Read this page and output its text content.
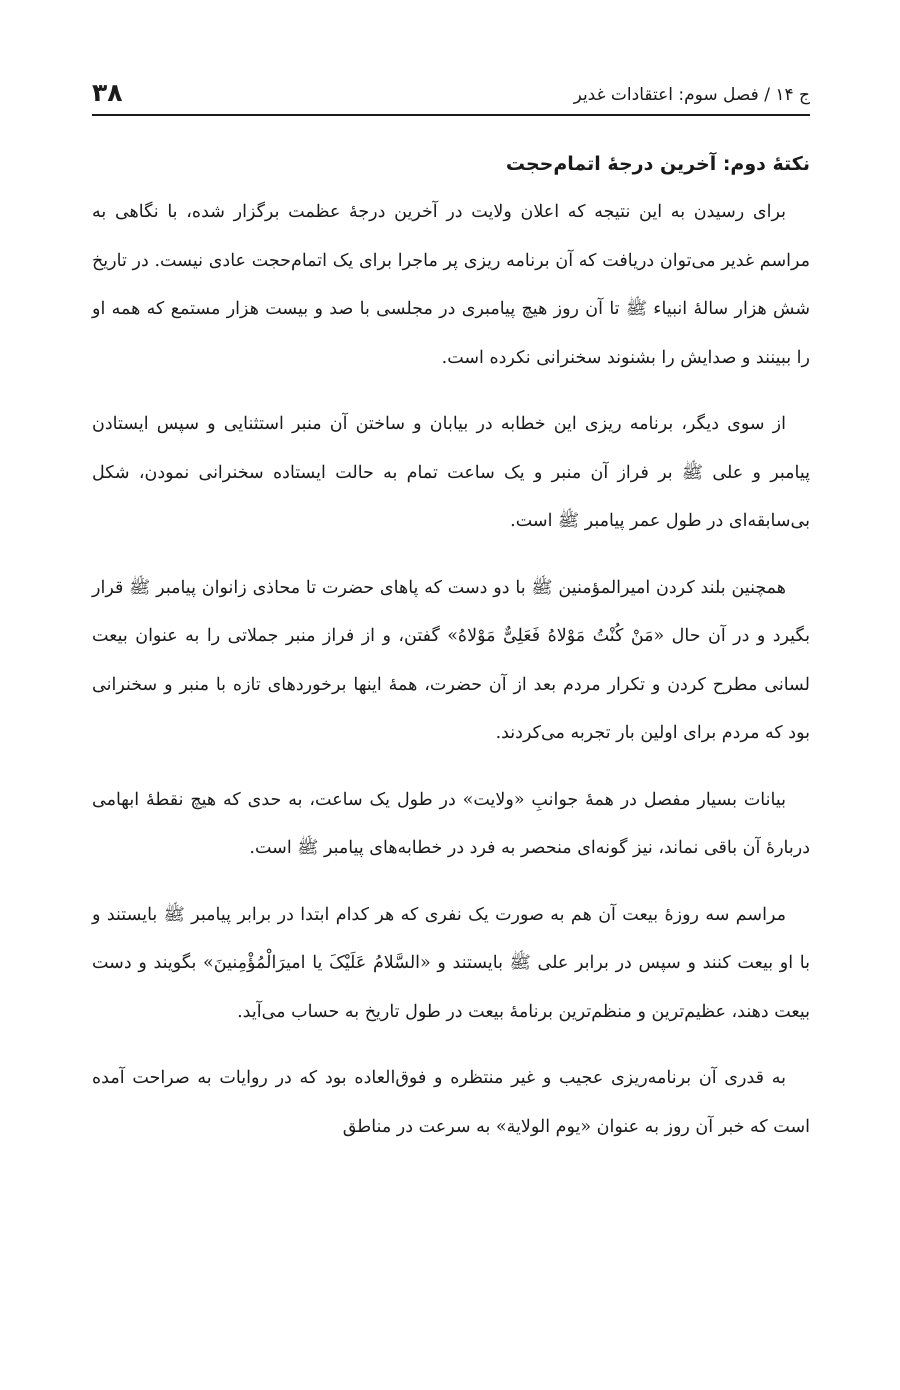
ج ۱۴ / فصل سوم: اعتقادات غدیر
۳۸
نکتهٔ دوم: آخرین درجهٔ اتمام‌حجت

برای رسیدن به این نتیجه که اعلان ولایت در آخرین درجهٔ عظمت برگزار شده، با نگاهی به مراسم غدیر می‌توان دریافت که آن برنامه ریزی پر ماجرا برای یک اتمام‌حجت عادی نیست. در تاریخ شش هزار سالهٔ انبیاء ﷺ تا آن روز هیچ پیامبری در مجلسی با صد و بیست هزار مستمع که همه او را ببینند و صدایش را بشنوند سخنرانی نکرده است.

از سوی دیگر، برنامه ریزی این خطابه در بیابان و ساختن آن منبر استثنایی و سپس ایستادن پیامبر و علی ﷺ بر فراز آن منبر و یک ساعت تمام به حالت ایستاده سخنرانی نمودن، شکل بی‌سابقه‌ای در طول عمر پیامبر ﷺ است.

همچنین بلند کردن امیرالمؤمنین ﷺ با دو دست که پاهای حضرت تا محاذی زانوان پیامبر ﷺ قرار بگیرد و در آن حال «مَنْ کُنْتُ مَوْلاهُ فَعَلِیٌّ مَوْلاهُ» گفتن، و از فراز منبر جملاتی را به عنوان بیعت لسانی مطرح کردن و تکرار مردم بعد از آن حضرت، همهٔ اینها برخوردهای تازه با منبر و سخنرانی بود که مردم برای اولین بار تجربه می‌کردند.

بیانات بسیار مفصل در همهٔ جوانبِ «ولایت» در طول یک ساعت، به حدی که هیچ نقطهٔ ابهامی دربارهٔ آن باقی نماند، نیز گونه‌ای منحصر به فرد در خطابه‌های پیامبر ﷺ است.

مراسم سه روزهٔ بیعت آن هم به صورت یک نفری که هر کدام ابتدا در برابر پیامبر ﷺ بایستند و با او بیعت کنند و سپس در برابر علی ﷺ بایستند و «السَّلامُ عَلَیْکَ یا امیرَالْمُؤْمِنینَ» بگویند و دست بیعت دهند، عظیم‌ترین و منظم‌ترین برنامهٔ بیعت در طول تاریخ به حساب می‌آید.

به قدری آن برنامه‌ریزی عجیب و غیر منتظره و فوق‌العاده بود که در روایات به صراحت آمده است که خبر آن روز به عنوان «یوم الولایة» به سرعت در مناطق
